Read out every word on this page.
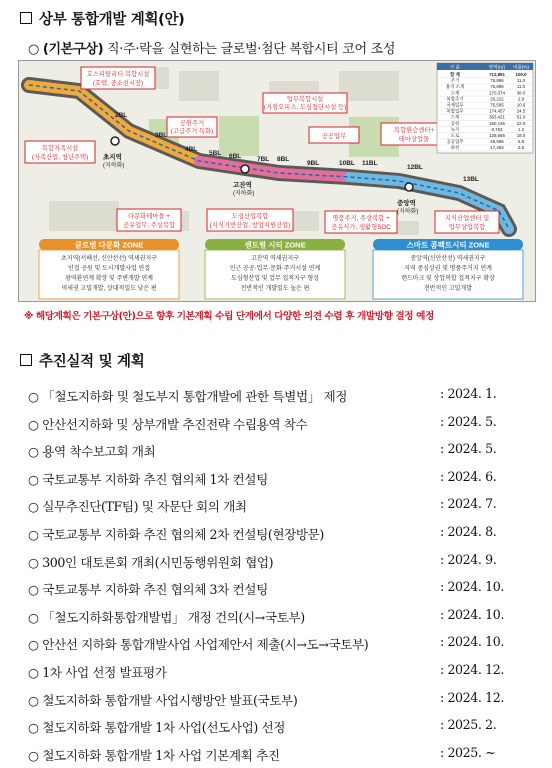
상부 통합개발 계획(안)
○ (기본구상) 직·주·락을 실현하는 글로벌·첨단 복합시티 코어 조성
2BL
3BL
4BL
5BL 6BL 7BL 8BL
9BL	10BL 11BL
12BL
13BL
초지역
(지하화)
고잔역
(지하화)
중앙역
(지하화)
호스피탈리티 복합시설
(호텔, 중소전시장)
공원주거
(고급주거 특화)
업무복합시설
(거점오피스, 도심첨단시설 등)
공공업무
복합환승센터+
테마상업몰
복합자족시설
(자족산업, 청년주택)
다문화테마몰 +
공유업무, 주상복합
도심산업복합
(지식기반산업, 창업지원산업)
명품주거, 주상복합 +
공유식가, 생활형SOC
지식산업센터 및
업무상업복합
구 분	면적(㎡) 비율(%)
합 계	712,891 100.0
주거	76,896	11.0
용지 소계	76,896	11.0
소계	270,374	38.0
복합주거	20,222	2.9
국제업무	75,595	10.6
복합업무	174,457	24.5
소계	363,421	51.0
공원	160,136	22.5
녹지	8,763	1.2
도로	128,665	18.0
공공업무	48,586	6.8
하천	17,493	2.5
글로벌 다문화 ZONE	센트럴 시티 ZONE	스마트 콤팩트시티 ZONE
초지역(서해선, 신안산선) 역세권지구
인접 공원 및 도시개발사업 연접
광역환연계 확장 및 주변개발 연계
역세권 고밀개발, 상대적밀도 낮은 편
고잔역 역세권지구
인근 공공·업무·문화·주거시설 연계
도심형산업 및 업무 집적지구 형성
전반적인 개발밀도 높은 편
중앙역(신안산선) 역세권지구
지역 중심상권 및 명품주거지 연계
랜드마크 및 상업복합 집적지구 확장
전반적인 고밀개발
※ 해당계획은 기본구상(안)으로 향후 기본계획 수립 단계에서 다양한 의견 수렴 후 개발방향 결정 예정
추진실적 및 계획
○ 「철도지하화 및 철도부지 통합개발에 관한 특별법」 제정	: 2024. 1.
○ 안산선지하화 및 상부개발 추진전략 수립용역 착수	: 2024. 5.
○ 용역 착수보고회 개최	: 2024. 5.
○ 국토교통부 지하화 추진 협의체 1차 컨설팅	: 2024. 6.
○ 실무추진단(TF팀) 및 자문단 회의 개최	: 2024. 7.
○ 국토교통부 지하화 추진 협의체 2차 컨설팅(현장방문)	: 2024. 8.
○ 300인 대토론회 개최(시민동행위원회 협업)	: 2024. 9.
○ 국토교통부 지하화 추진 협의체 3차 컨설팅	: 2024. 10.
○ 「철도지하화통합개발법」 개정 건의(시→국토부)	: 2024. 10.
○ 안산선 지하화 통합개발사업 사업제안서 제출(시→도→국토부)	: 2024. 10.
○ 1차 사업 선정 발표평가	: 2024. 12.
○ 철도지하화 통합개발 사업시행방안 발표(국토부)	: 2024. 12.
○ 철도지하화 통합개발 1차 사업(선도사업) 선정	: 2025. 2.
○ 철도지하화 통합개발 1차 사업 기본계획 추진	: 2025. ~
